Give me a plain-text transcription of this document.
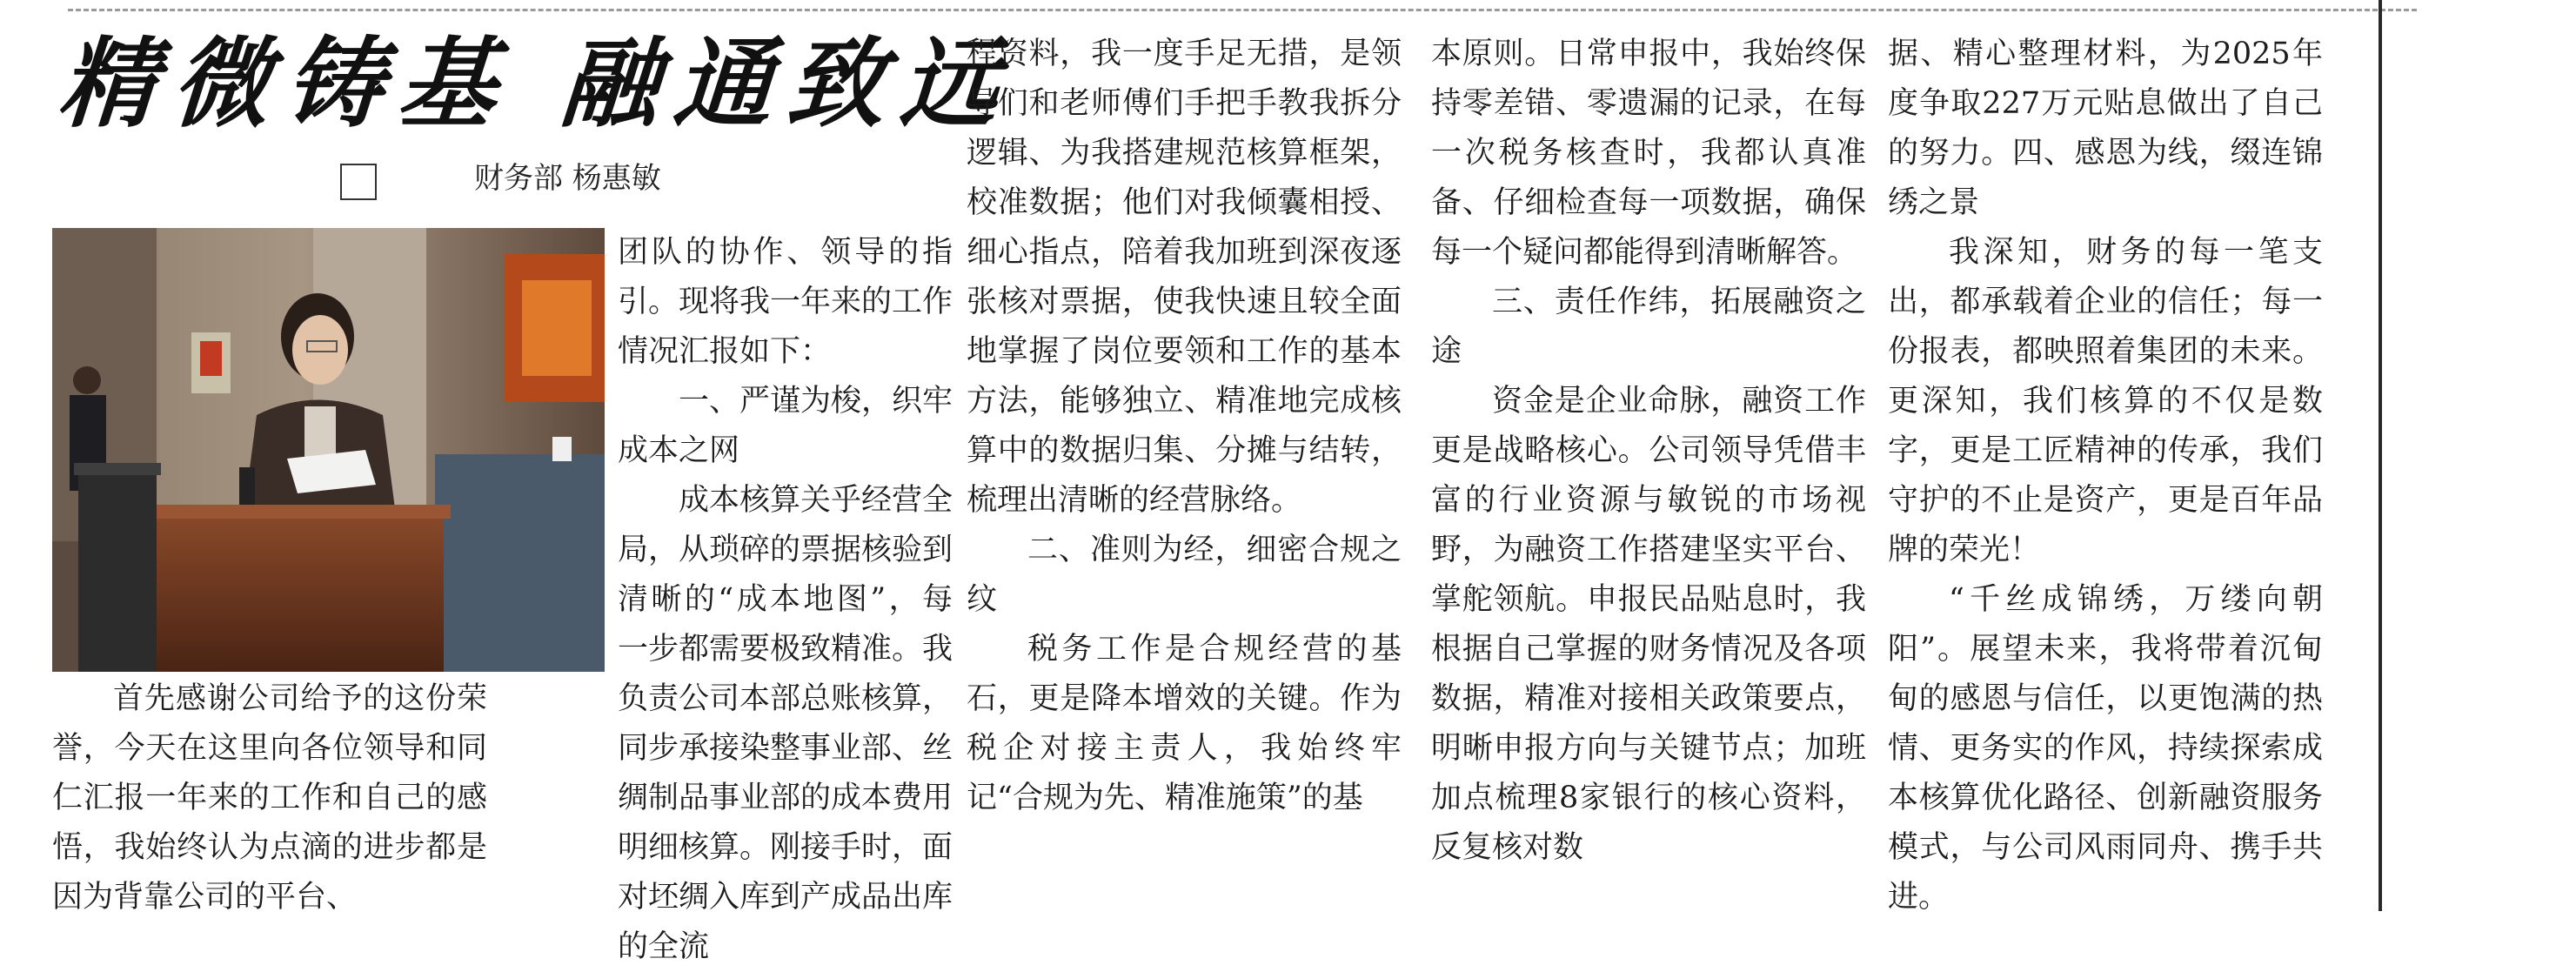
精微铸基 融通致远
财务部 杨惠敏

首先感谢公司给予的这份荣誉，今天在这里向各位领导和同仁汇报一年来的工作和自己的感悟，我始终认为点滴的进步都是因为背靠公司的平台、

团队的协作、领导的指引。现将我一年来的工作情况汇报如下：

一、严谨为梭，织牢成本之网

成本核算关乎经营全局，从琐碎的票据核验到清晰的“成本地图”，每一步都需要极致精准。我负责公司本部总账核算，同步承接染整事业部、丝绸制品事业部的成本费用明细核算。刚接手时，面对坯绸入库到产成品出库的全流

程资料，我一度手足无措，是领导们和老师傅们手把手教我拆分逻辑、为我搭建规范核算框架，校准数据；他们对我倾囊相授、细心指点，陪着我加班到深夜逐张核对票据，使我快速且较全面地掌握了岗位要领和工作的基本方法，能够独立、精准地完成核算中的数据归集、分摊与结转，梳理出清晰的经营脉络。

二、准则为经，细密合规之纹

税务工作是合规经营的基石，更是降本增效的关键。作为税企对接主责人，我始终牢记“合规为先、精准施策”的基

本原则。日常申报中，我始终保持零差错、零遗漏的记录，在每一次税务核查时，我都认真准备、仔细检查每一项数据，确保每一个疑问都能得到清晰解答。

三、责任作纬，拓展融资之途

资金是企业命脉，融资工作更是战略核心。公司领导凭借丰富的行业资源与敏锐的市场视野，为融资工作搭建坚实平台、掌舵领航。申报民品贴息时，我根据自己掌握的财务情况及各项数据，精准对接相关政策要点，明晰申报方向与关键节点；加班加点梳理8家银行的核心资料，反复核对数

据、精心整理材料，为2025年度争取227万元贴息做出了自己的努力。四、感恩为线，缀连锦绣之景

我深知，财务的每一笔支出，都承载着企业的信任；每一份报表，都映照着集团的未来。更深知，我们核算的不仅是数字，更是工匠精神的传承，我们守护的不止是资产，更是百年品牌的荣光！

“千丝成锦绣，万缕向朝阳”。展望未来，我将带着沉甸甸的感恩与信任，以更饱满的热情、更务实的作风，持续探索成本核算优化路径、创新融资服务模式，与公司风雨同舟、携手共进。
